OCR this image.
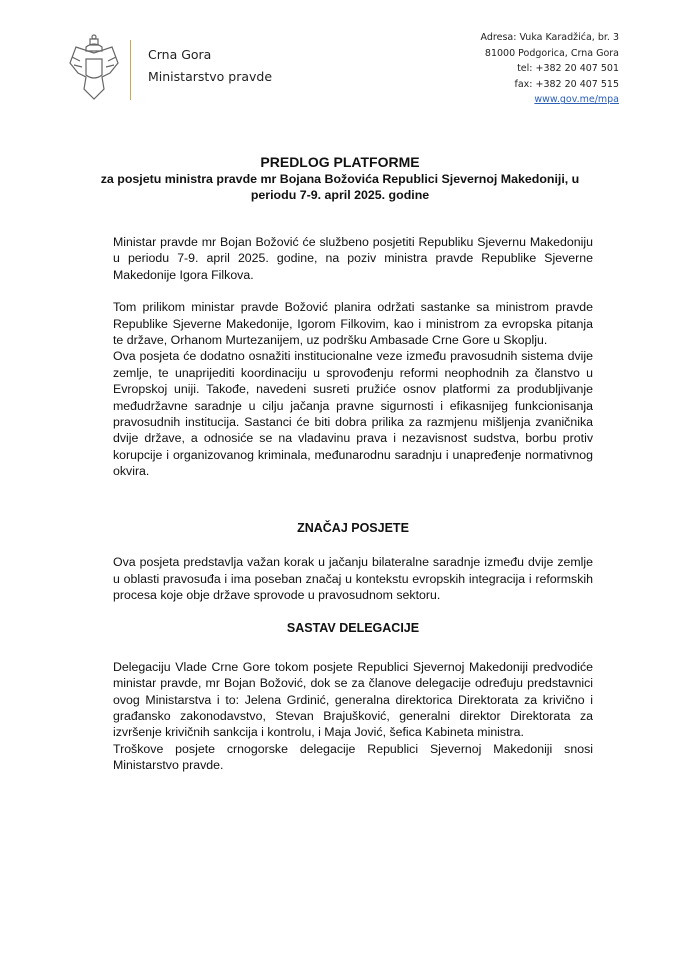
Crna Gora
Ministarstvo pravde
Adresa: Vuka Karadžića, br. 3
81000 Podgorica, Crna Gora
tel: +382 20 407 501
fax: +382 20 407 515
www.gov.me/mpa
PREDLOG PLATFORME
za posjetu ministra pravde mr Bojana Božovića Republici Sjevernoj Makedoniji, u
periodu 7-9. april 2025. godine

Ministar pravde mr Bojan Božović će službeno posjetiti Republiku Sjevernu Makedoniju u periodu 7-9. april 2025. godine, na poziv ministra pravde Republike Sjeverne Makedonije Igora Filkova.

Tom prilikom ministar pravde Božović planira održati sastanke sa ministrom pravde Republike Sjeverne Makedonije, Igorom Filkovim, kao i ministrom za evropska pitanja te države, Orhanom Murtezanijem, uz podršku Ambasade Crne Gore u Skoplju.

Ova posjeta će dodatno osnažiti institucionalne veze između pravosudnih sistema dvije zemlje, te unaprijediti koordinaciju u sprovođenju reformi neophodnih za članstvo u Evropskoj uniji. Takođe, navedeni susreti pružiće osnov platformi za produbljivanje međudržavne saradnje u cilju jačanja pravne sigurnosti i efikasnijeg funkcionisanja pravosudnih institucija. Sastanci će biti dobra prilika za razmjenu mišljenja zvaničnika dvije države, a odnosiće se na vladavinu prava i nezavisnost sudstva, borbu protiv korupcije i organizovanog kriminala, međunarodnu saradnju i unapređenje normativnog okvira.

ZNAČAJ POSJETE

Ova posjeta predstavlja važan korak u jačanju bilateralne saradnje između dvije zemlje u oblasti pravosuđa i ima poseban značaj u kontekstu evropskih integracija i reformskih procesa koje obje države sprovode u pravosudnom sektoru.

SASTAV DELEGACIJE

Delegaciju Vlade Crne Gore tokom posjete Republici Sjevernoj Makedoniji predvodiće ministar pravde, mr Bojan Božović, dok se za članove delegacije određuju predstavnici ovog Ministarstva i to: Jelena Grdinić, generalna direktorica Direktorata za krivično i građansko zakonodavstvo, Stevan Brajušković, generalni direktor Direktorata za izvršenje krivičnih sankcija i kontrolu, i Maja Jović, šefica Kabineta ministra.

Troškove posjete crnogorske delegacije Republici Sjevernoj Makedoniji snosi Ministarstvo pravde.
